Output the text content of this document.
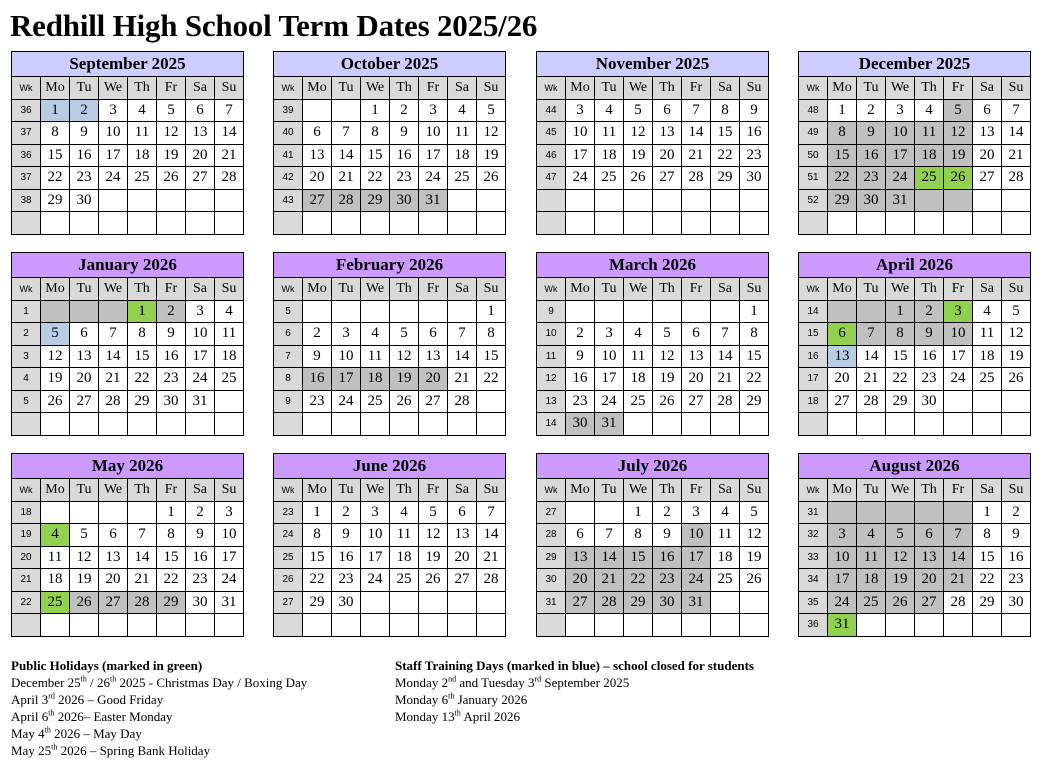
Redhill High School Term Dates 2025/26
September 2025							
Wk	Mo	Tu	We	Th	Fr	Sa	Su
36	1	2	3	4	5	6	7
37	8	9	10	11	12	13	14
36	15	16	17	18	19	20	21
37	22	23	24	25	26	27	28
38	29	30					

October 2025							
Wk	Mo	Tu	We	Th	Fr	Sa	Su
39			1	2	3	4	5
40	6	7	8	9	10	11	12
41	13	14	15	16	17	18	19
42	20	21	22	23	24	25	26
43	27	28	29	30	31		

November 2025							
Wk	Mo	Tu	We	Th	Fr	Sa	Su
44	3	4	5	6	7	8	9
45	10	11	12	13	14	15	16
46	17	18	19	20	21	22	23
47	24	25	26	27	28	29	30

December 2025							
Wk	Mo	Tu	We	Th	Fr	Sa	Su
48	1	2	3	4	5	6	7
49	8	9	10	11	12	13	14
50	15	16	17	18	19	20	21
51	22	23	24	25	26	27	28
52	29	30	31				

January 2026							
Wk	Mo	Tu	We	Th	Fr	Sa	Su
1				1	2	3	4
2	5	6	7	8	9	10	11
3	12	13	14	15	16	17	18
4	19	20	21	22	23	24	25
5	26	27	28	29	30	31	

February 2026							
Wk	Mo	Tu	We	Th	Fr	Sa	Su
5							1
6	2	3	4	5	6	7	8
7	9	10	11	12	13	14	15
8	16	17	18	19	20	21	22
9	23	24	25	26	27	28	

March 2026							
Wk	Mo	Tu	We	Th	Fr	Sa	Su
9							1
10	2	3	4	5	6	7	8
11	9	10	11	12	13	14	15
12	16	17	18	19	20	21	22
13	23	24	25	26	27	28	29
14	30	31					
April 2026							
Wk	Mo	Tu	We	Th	Fr	Sa	Su
14			1	2	3	4	5
15	6	7	8	9	10	11	12
16	13	14	15	16	17	18	19
17	20	21	22	23	24	25	26
18	27	28	29	30			

May 2026							
Wk	Mo	Tu	We	Th	Fr	Sa	Su
18					1	2	3
19	4	5	6	7	8	9	10
20	11	12	13	14	15	16	17
21	18	19	20	21	22	23	24
22	25	26	27	28	29	30	31

June 2026							
Wk	Mo	Tu	We	Th	Fr	Sa	Su
23	1	2	3	4	5	6	7
24	8	9	10	11	12	13	14
25	15	16	17	18	19	20	21
26	22	23	24	25	26	27	28
27	29	30					

July 2026							
Wk	Mo	Tu	We	Th	Fr	Sa	Su
27			1	2	3	4	5
28	6	7	8	9	10	11	12
29	13	14	15	16	17	18	19
30	20	21	22	23	24	25	26
31	27	28	29	30	31		

August 2026							
Wk	Mo	Tu	We	Th	Fr	Sa	Su
31						1	2
32	3	4	5	6	7	8	9
33	10	11	12	13	14	15	16
34	17	18	19	20	21	22	23
35	24	25	26	27	28	29	30
36	31						
Public Holidays (marked in green)
December 25th / 26th 2025 - Christmas Day / Boxing Day
April 3rd 2026 – Good Friday
April 6th 2026– Easter Monday
May 4th 2026 – May Day
May 25th 2026 – Spring Bank Holiday
Staff Training Days (marked in blue) – school closed for students
Monday 2nd and Tuesday 3rd September 2025
Monday 6th January 2026
Monday 13th April 2026
